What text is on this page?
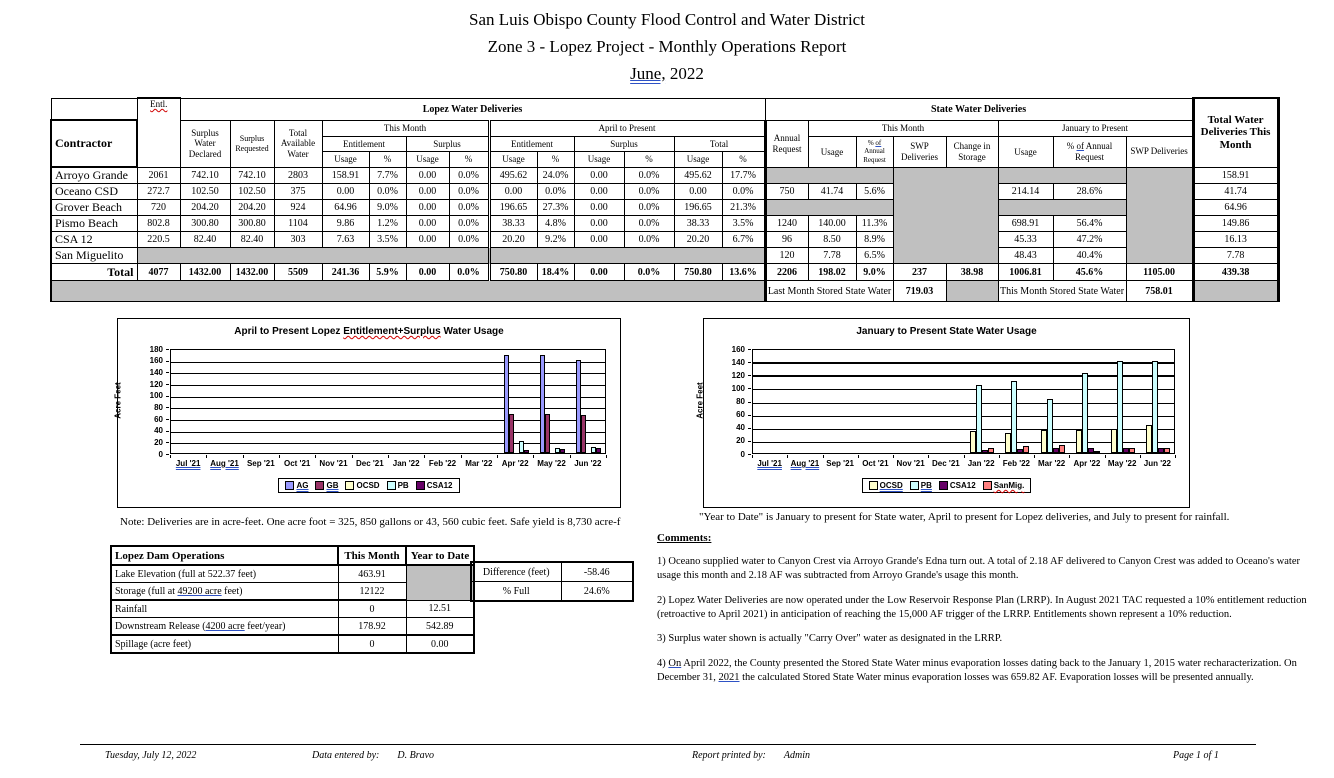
San Luis Obispo County Flood Control and Water District
Zone 3 - Lopez Project - Monthly Operations Report
June, 2022
	Entl.	Lopez Water Deliveries													State Water Deliveries								Total Water Deliveries This Month
Contractor		Surplus Water Declared	Surplus Requested	Total Available Water	This Month				April to Present						Annual Request	This Month				January to Present			
					Entitlement		Surplus		Entitlement		Surplus		Total			Usage	% of Annual Request	SWP Deliveries	Change in Storage	Usage	% of Annual Request	SWP Deliveries	
					Usage	%	Usage	%	Usage	%	Usage	%	Usage	%									
Arroyo Grande	2061	742.10	742.10	2803	158.91	7.7%	0.00	0.0%	495.62	24.0%	0.00	0.0%	495.62	17.7%									158.91
Oceano CSD	272.7	102.50	102.50	375	0.00	0.0%	0.00	0.0%	0.00	0.0%	0.00	0.0%	0.00	0.0%	750	41.74	5.6%			214.14	28.6%		41.74
Grover Beach	720	204.20	204.20	924	64.96	9.0%	0.00	0.0%	196.65	27.3%	0.00	0.0%	196.65	21.3%									64.96
Pismo Beach	802.8	300.80	300.80	1104	9.86	1.2%	0.00	0.0%	38.33	4.8%	0.00	0.0%	38.33	3.5%	1240	140.00	11.3%			698.91	56.4%		149.86
CSA 12	220.5	82.40	82.40	303	7.63	3.5%	0.00	0.0%	20.20	9.2%	0.00	0.0%	20.20	6.7%	96	8.50	8.9%			45.33	47.2%		16.13
San Miguelito															120	7.78	6.5%			48.43	40.4%		7.78
Total	4077	1432.00	1432.00	5509	241.36	5.9%	0.00	0.0%	750.80	18.4%	0.00	0.0%	750.80	13.6%	2206	198.02	9.0%	237	38.98	1006.81	45.6%	1105.00	439.38
															Last Month Stored State Water			719.03		This Month Stored State Water		758.01	
April to Present Lopez Entitlement+Surplus Water Usage
Acre Feet
0
20
40
60
80
100
120
140
160
180
Jul '21	Aug '21	Sep '21	Oct '21	Nov '21	Dec '21	Jan '22	Feb '22	Mar '22	Apr '22	May '22	Jun '22
AG GB OCSD PB CSA12
January to Present State Water Usage
Acre Feet
0
20
40
60
80
100
120
140
160
Jul '21	Aug '21 Sep '21	Oct '21	Nov '21 Dec '21	Jan '22	Feb '22	Mar '22	Apr '22 May '22 Jun '22
OCSD PB CSA12 SanMig.
Note: Deliveries are in acre-feet. One acre foot = 325, 850 gallons or 43, 560 cubic feet. Safe yield is 8,730 acre-f	"Year to Date" is January to present for State water, April to present for Lopez deliveries, and July to present for rainfall.
Lopez Dam Operations	This Month	Year to Date
Lake Elevation (full at 522.37 feet)	463.91	
Storage (full at 49200 acre feet)	12122	
Rainfall	0	12.51
Downstream Release (4200 acre feet/year)	178.92	542.89
Spillage (acre feet)	0	0.00
Difference (feet)	-58.46
% Full	24.6%
Comments:
1) Oceano supplied water to Canyon Crest via Arroyo Grande's Edna turn out. A total of 2.18 AF delivered to Canyon Crest was added to Oceano's water usage this month and 2.18 AF was subtracted from Arroyo Grande's usage this month.
2) Lopez Water Deliveries are now operated under the Low Reservoir Response Plan (LRRP). In August 2021 TAC requested a 10% entitlement reduction (retroactive to April 2021) in anticipation of reaching the 15,000 AF trigger of the LRRP. Entitlements shown represent a 10% reduction.
3) Surplus water shown is actually "Carry Over" water as designated in the LRRP.
4) On April 2022, the County presented the Stored State Water minus evaporation losses dating back to the January 1, 2015 water recharacterization. On December 31, 2021 the calculated Stored State Water minus evaporation losses was 659.82 AF. Evaporation losses will be presented annually.
Tuesday, July 12, 2022	Data entered by: D. Bravo	Report printed by: Admin	Page 1 of 1
